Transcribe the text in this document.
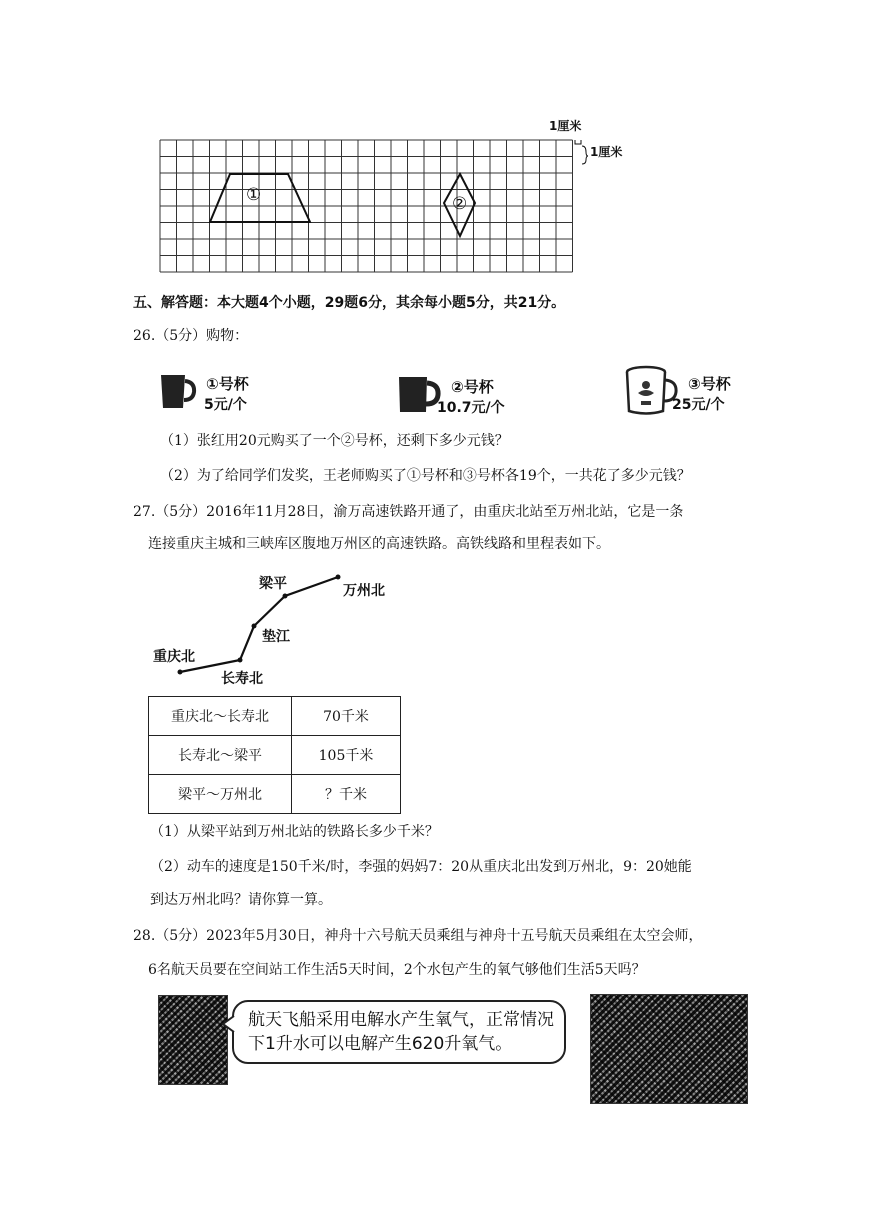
①	②
1厘米
1厘米
五、解答题：本大题4个小题，29题6分，其余每小题5分，共21分。
26.（5分）购物：
①号杯
5元/个
②号杯
10.7元/个
③号杯
25元/个
（1）张红用20元购买了一个②号杯，还剩下多少元钱？
（2）为了给同学们发奖，王老师购买了①号杯和③号杯各19个，一共花了多少元钱？
27.（5分）2016年11月28日，渝万高速铁路开通了，由重庆北站至万州北站，它是一条
连接重庆主城和三峡库区腹地万州区的高速铁路。高铁线路和里程表如下。
重庆北
长寿北
垫江
梁平	万州北
重庆北～长寿北	70千米
长寿北～梁平	105千米
梁平～万州北	？千米
（1）从梁平站到万州北站的铁路长多少千米？
（2）动车的速度是150千米/时，李强的妈妈7：20从重庆北出发到万州北，9：20她能
到达万州北吗？请你算一算。
28.（5分）2023年5月30日，神舟十六号航天员乘组与神舟十五号航天员乘组在太空会师，
6名航天员要在空间站工作生活5天时间，2个水包产生的氧气够他们生活5天吗？
航天飞船采用电解水产生氧气，正常情况
下1升水可以电解产生620升氧气。
